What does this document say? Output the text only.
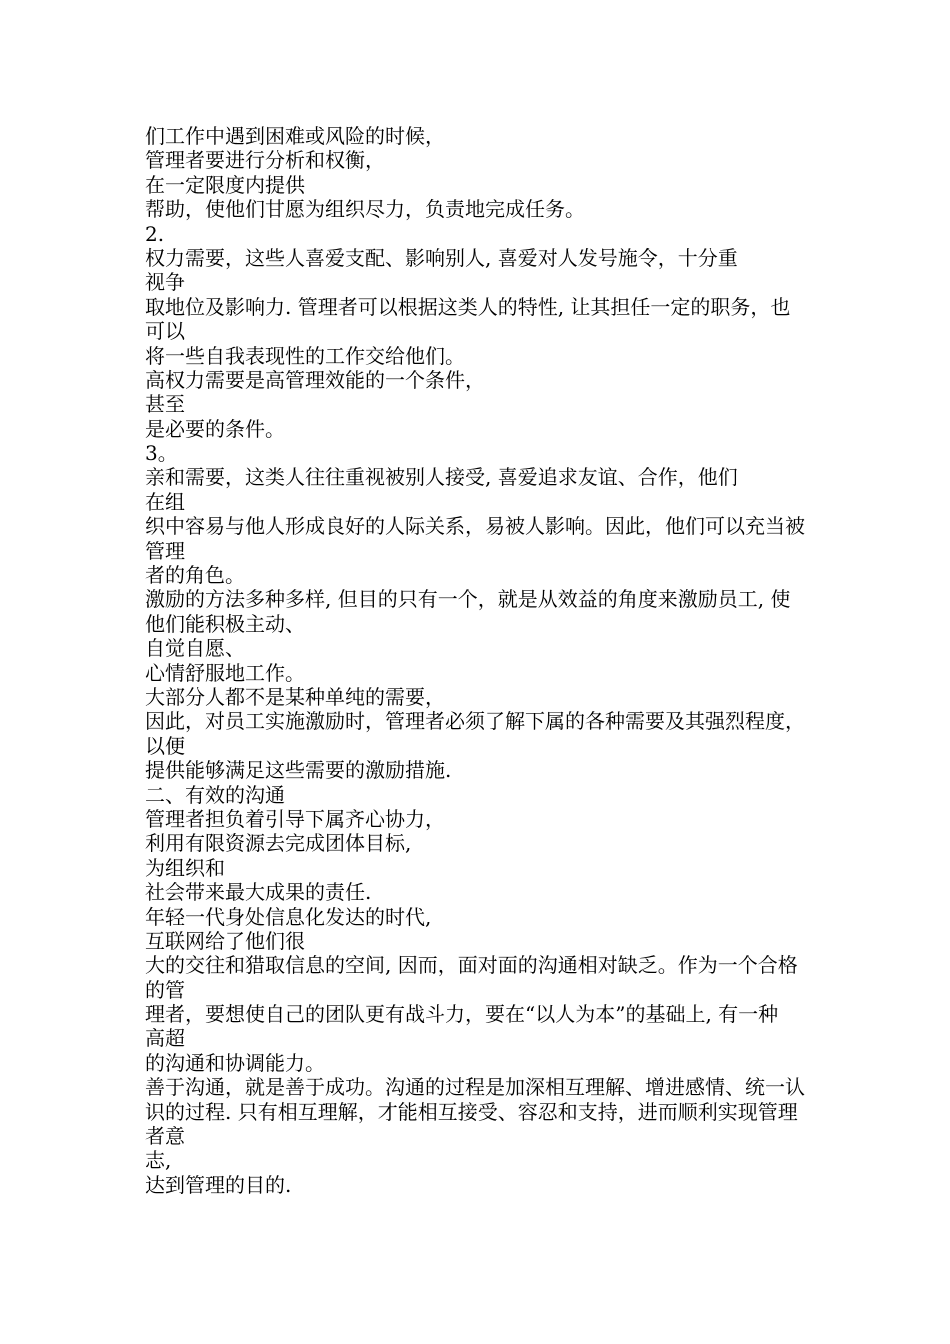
们工作中遇到困难或风险的时候，
管理者要进行分析和权衡，
在一定限度内提供
帮助，使他们甘愿为组织尽力，负责地完成任务。
2.
权力需要，这些人喜爱支配、影响别人, 喜爱对人发号施令，十分重
视争
取地位及影响力. 管理者可以根据这类人的特性, 让其担任一定的职务，也
可以
将一些自我表现性的工作交给他们。
高权力需要是高管理效能的一个条件，
甚至
是必要的条件。
3。
亲和需要，这类人往往重视被别人接受, 喜爱追求友谊、合作，他们
在组
织中容易与他人形成良好的人际关系，易被人影响。因此，他们可以充当被
管理
者的角色。
激励的方法多种多样, 但目的只有一个，就是从效益的角度来激励员工, 使
他们能积极主动、
自觉自愿、
心情舒服地工作。
大部分人都不是某种单纯的需要，
因此，对员工实施激励时，管理者必须了解下属的各种需要及其强烈程度，
以便
提供能够满足这些需要的激励措施.
二、有效的沟通
管理者担负着引导下属齐心协力，
利用有限资源去完成团体目标,
为组织和
社会带来最大成果的责任.
年轻一代身处信息化发达的时代,
互联网给了他们很
大的交往和猎取信息的空间, 因而，面对面的沟通相对缺乏。作为一个合格
的管
理者，要想使自己的团队更有战斗力，要在“以人为本”的基础上, 有一种
高超
的沟通和协调能力。
善于沟通，就是善于成功。沟通的过程是加深相互理解、增进感情、统一认
识的过程. 只有相互理解，才能相互接受、容忍和支持，进而顺利实现管理
者意
志,
达到管理的目的.
